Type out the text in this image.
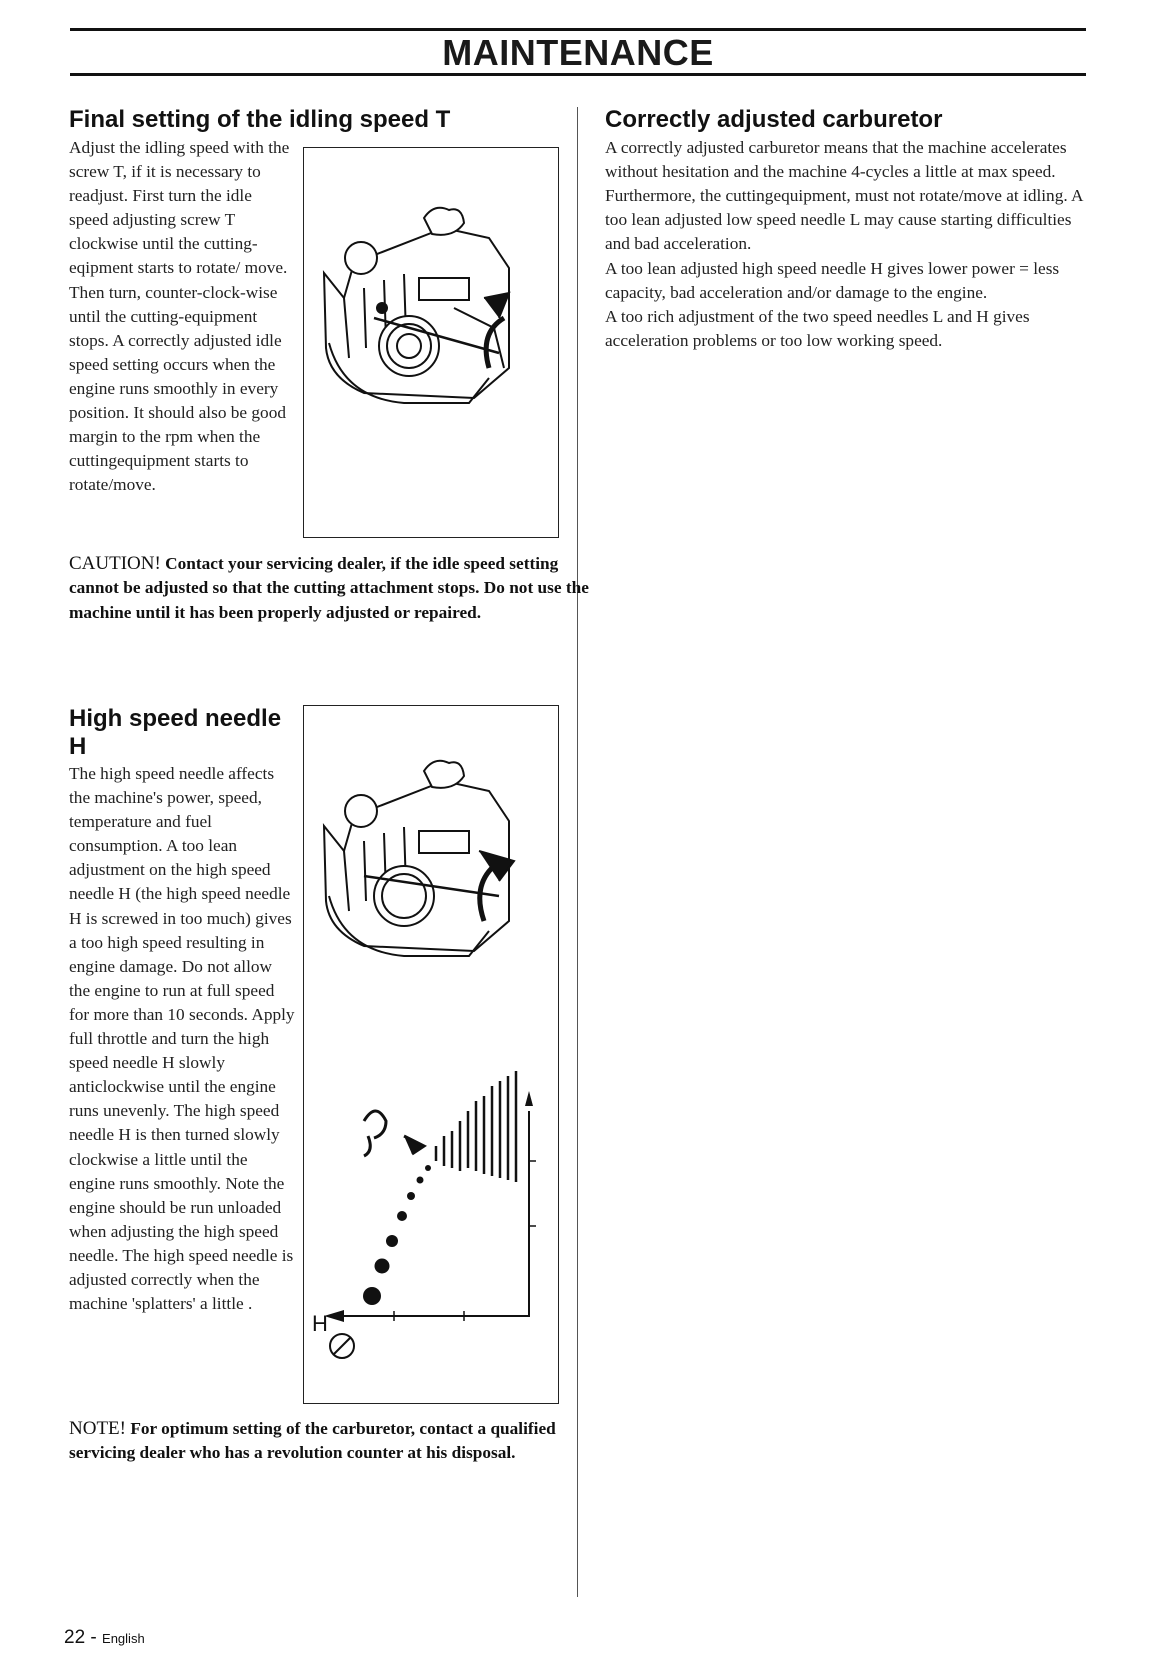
MAINTENANCE
Final setting of the idling speed T

Adjust the idling speed with the screw T, if it is necessary to readjust. First turn the idle speed adjusting screw T clockwise until the cutting-eqipment starts to rotate/ move. Then turn, counter-clock-wise until the cutting-equipment stops. A correctly adjusted idle speed setting occurs when the engine runs smoothly in every position. It should also be good margin to the rpm when the cuttingequipment starts to rotate/move.

CAUTION! Contact your servicing dealer, if the idle speed setting cannot be adjusted so that the cutting attachment stops. Do not use the machine until it has been properly adjusted or repaired.

High speed needle H

The high speed needle affects the machine's power, speed, temperature and fuel consumption. A too lean adjustment on the high speed needle H (the high speed needle H is screwed in too much) gives a too high speed resulting in engine damage. Do not allow the engine to run at full speed for more than 10 seconds. Apply full throttle and turn the high speed needle H slowly anticlockwise until the engine runs unevenly. The high speed needle H is then turned slowly clockwise a little until the engine runs smoothly. Note the engine should be run unloaded when adjusting the high speed needle. The high speed needle is adjusted correctly when the machine 'splatters' a little .

H

NOTE! For optimum setting of the carburetor, contact a qualified servicing dealer who has a revolution counter at his disposal.

Correctly adjusted carburetor

A correctly adjusted carburetor means that the machine accelerates without hesitation and the machine 4-cycles a little at max speed. Furthermore, the cuttingequipment, must not rotate/move at idling. A too lean adjusted low speed needle L may cause starting difficulties and bad acceleration.

A too lean adjusted high speed needle H gives lower power = less capacity, bad acceleration and/or damage to the engine.

A too rich adjustment of the two speed needles L and H gives acceleration problems or too low working speed.

22 - English
